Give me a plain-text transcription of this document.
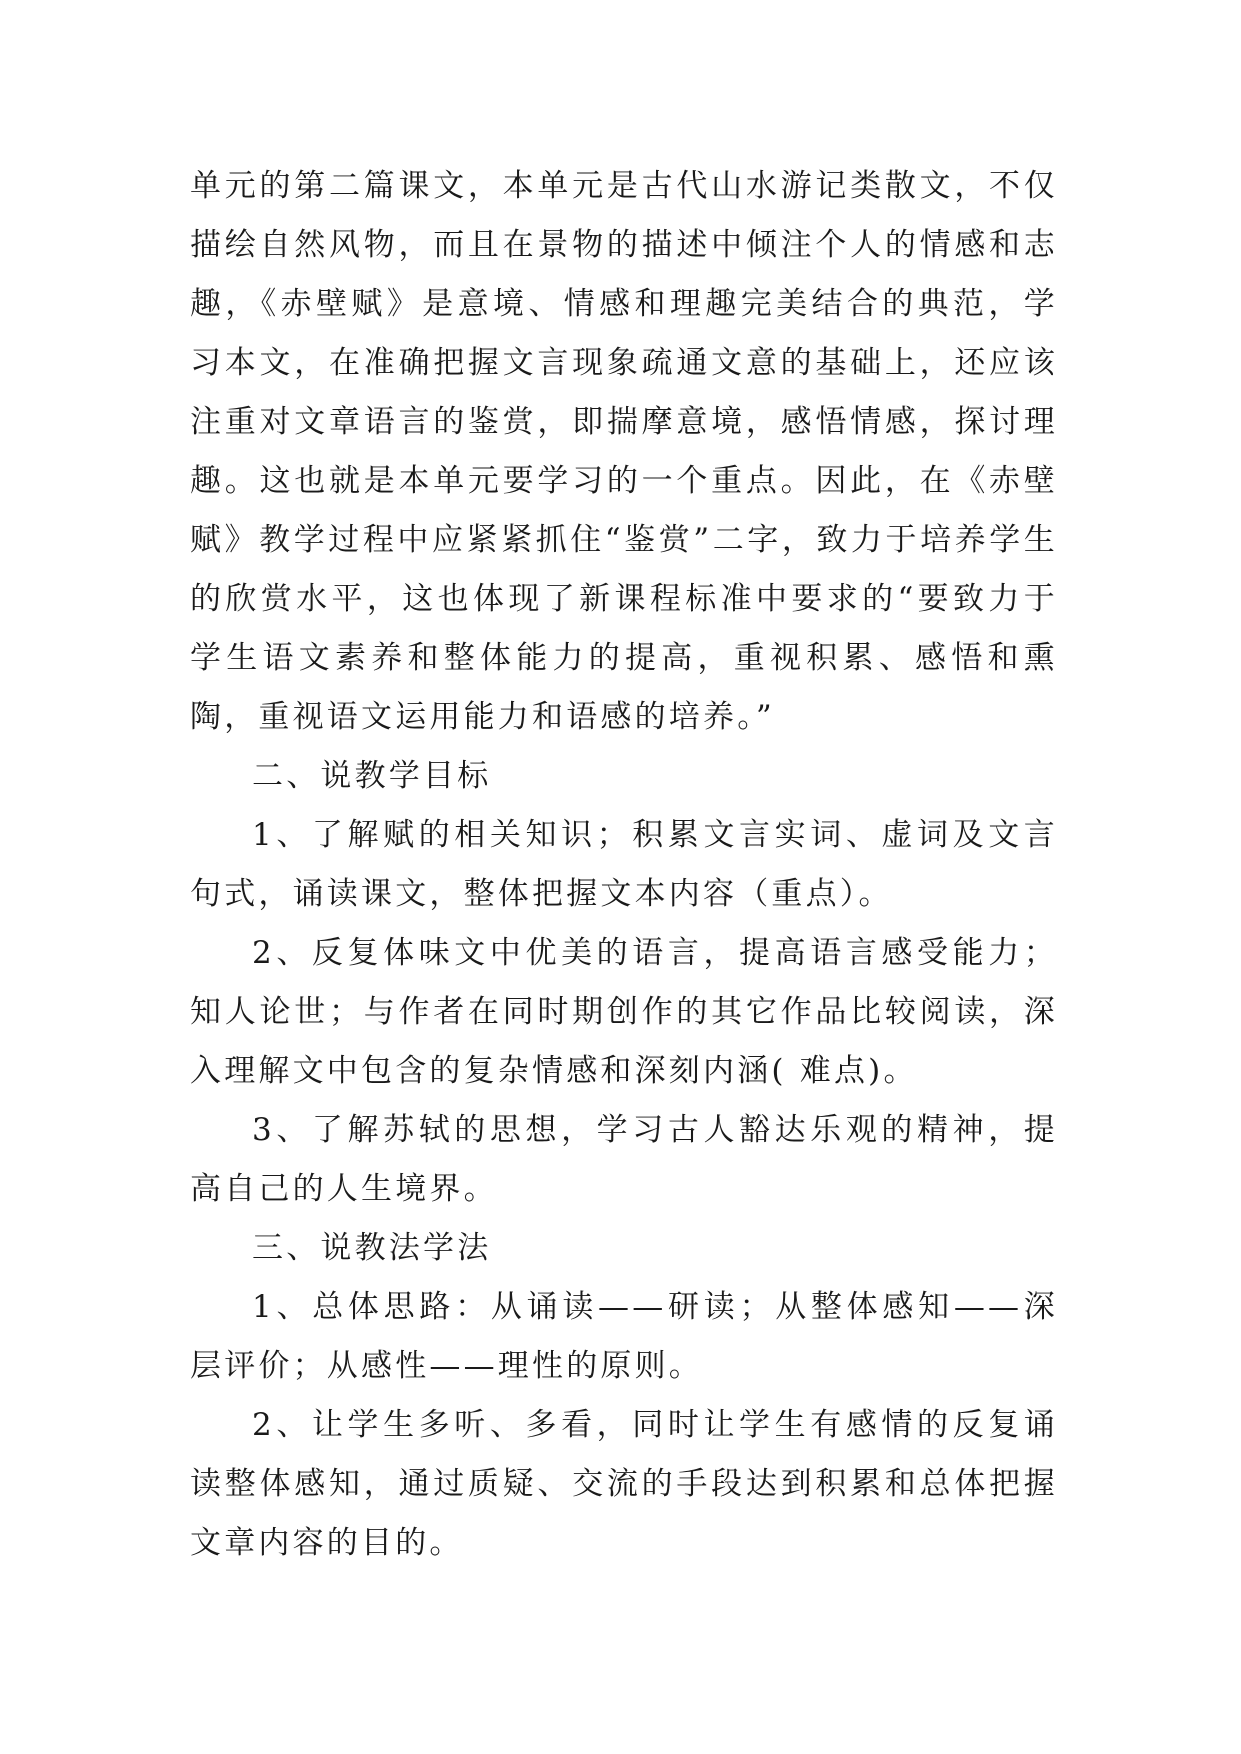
单元的第二篇课文，本单元是古代山水游记类散文，不仅描绘自然风物，而且在景物的描述中倾注个人的情感和志趣，《赤壁赋》是意境、情感和理趣完美结合的典范，学习本文，在准确把握文言现象疏通文意的基础上，还应该注重对文章语言的鉴赏，即揣摩意境，感悟情感，探讨理趣。这也就是本单元要学习的一个重点。因此，在《赤壁赋》教学过程中应紧紧抓住“鉴赏”二字，致力于培养学生的欣赏水平，这也体现了新课程标准中要求的“要致力于学生语文素养和整体能力的提高，重视积累、感悟和熏陶，重视语文运用能力和语感的培养。”

二、说教学目标

1、了解赋的相关知识；积累文言实词、虚词及文言句式，诵读课文，整体把握文本内容（重点）。

2、反复体味文中优美的语言，提高语言感受能力；知人论世；与作者在同时期创作的其它作品比较阅读，深入理解文中包含的复杂情感和深刻内涵( 难点)。

3、了解苏轼的思想，学习古人豁达乐观的精神，提高自己的人生境界。

三、说教法学法

1、总体思路：从诵读——研读；从整体感知——深层评价；从感性——理性的原则。

2、让学生多听、多看，同时让学生有感情的反复诵读整体感知，通过质疑、交流的手段达到积累和总体把握文章内容的目的。
